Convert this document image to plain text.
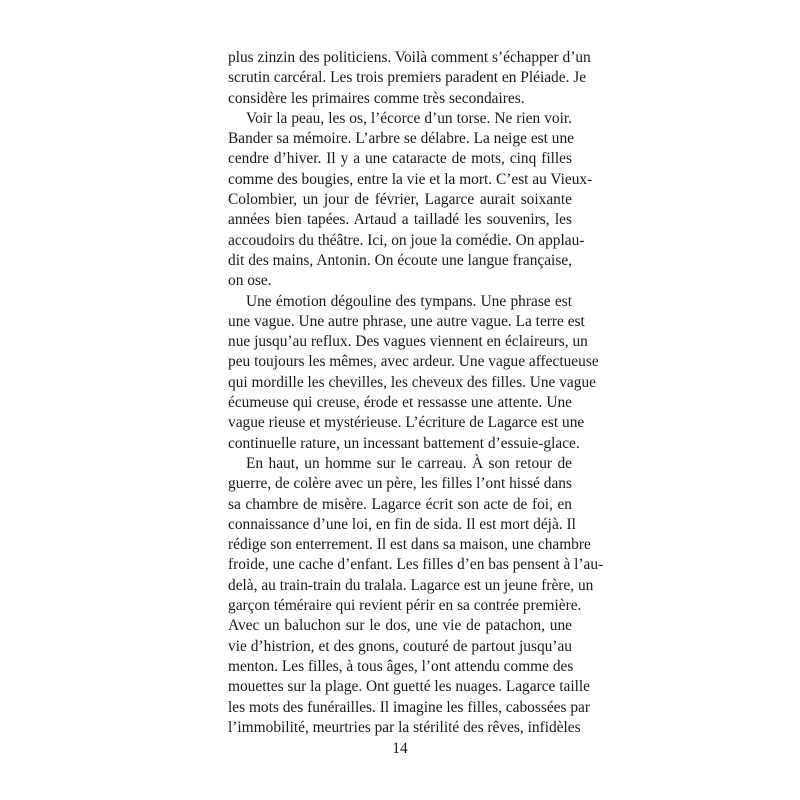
plus zinzin des politiciens. Voilà comment s’échapper d’un
scrutin carcéral. Les trois premiers paradent en Pléiade. Je
considère les primaires comme très secondaires.

Voir la peau, les os, l’écorce d’un torse. Ne rien voir.
Bander sa mémoire. L’arbre se délabre. La neige est une
cendre d’hiver. Il y a une cataracte de mots, cinq filles
comme des bougies, entre la vie et la mort. C’est au Vieux-
Colombier, un jour de février, Lagarce aurait soixante
années bien tapées. Artaud a tailladé les souvenirs, les
accoudoirs du théâtre. Ici, on joue la comédie. On applau-
dit des mains, Antonin. On écoute une langue française,
on ose.

Une émotion dégouline des tympans. Une phrase est
une vague. Une autre phrase, une autre vague. La terre est
nue jusqu’au reflux. Des vagues viennent en éclaireurs, un
peu toujours les mêmes, avec ardeur. Une vague affectueuse
qui mordille les chevilles, les cheveux des filles. Une vague
écumeuse qui creuse, érode et ressasse une attente. Une
vague rieuse et mystérieuse. L’écriture de Lagarce est une
continuelle rature, un incessant battement d’essuie-glace.

En haut, un homme sur le carreau. À son retour de
guerre, de colère avec un père, les filles l’ont hissé dans
sa chambre de misère. Lagarce écrit son acte de foi, en
connaissance d’une loi, en fin de sida. Il est mort déjà. Il
rédige son enterrement. Il est dans sa maison, une chambre
froide, une cache d’enfant. Les filles d’en bas pensent à l’au-
delà, au train-train du tralala. Lagarce est un jeune frère, un
garçon téméraire qui revient périr en sa contrée première.
Avec un baluchon sur le dos, une vie de patachon, une
vie d’histrion, et des gnons, couturé de partout jusqu’au
menton. Les filles, à tous âges, l’ont attendu comme des
mouettes sur la plage. Ont guetté les nuages. Lagarce taille
les mots des funérailles. Il imagine les filles, cabossées par
l’immobilité, meurtries par la stérilité des rêves, infidèles

14
